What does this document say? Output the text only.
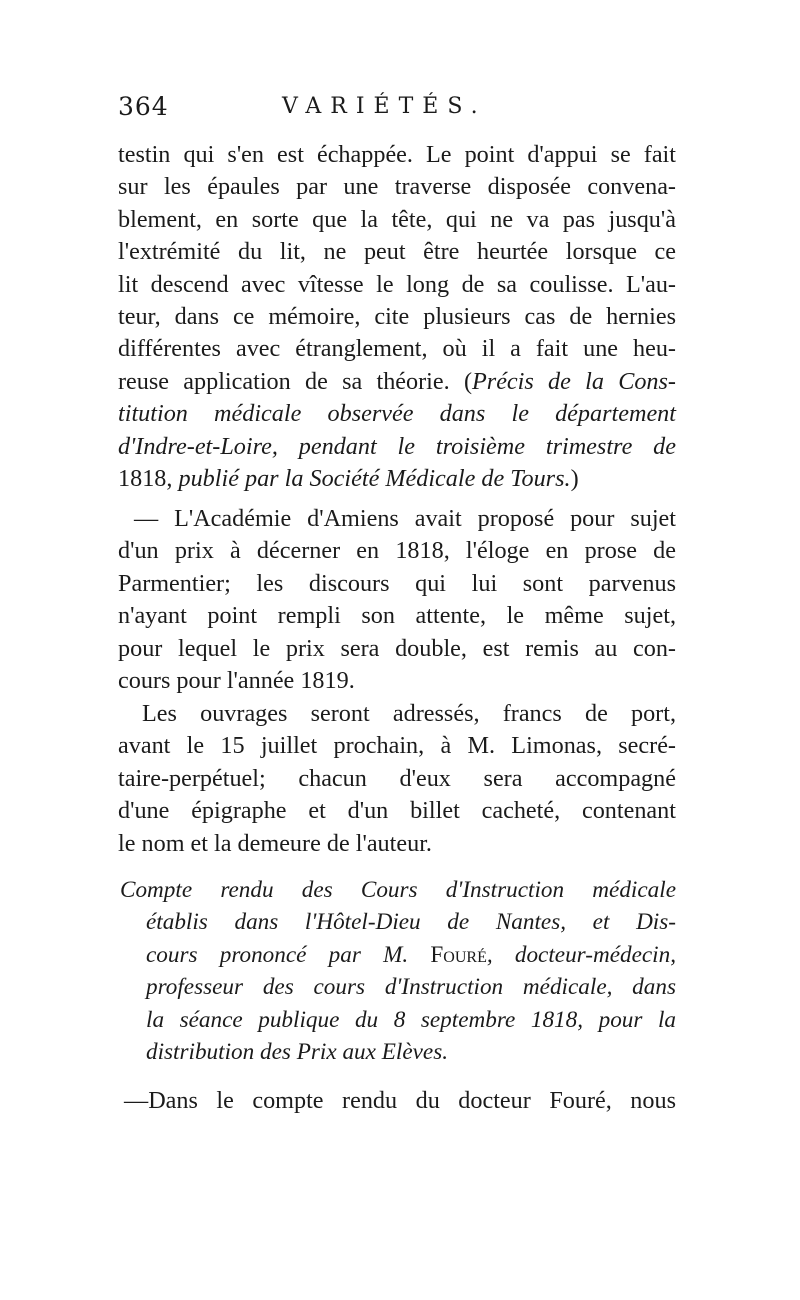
364	VARIÉTÉS.
testin qui s'en est échappée. Le point d'appui se fait
sur les épaules par une traverse disposée convena-
blement, en sorte que la tête, qui ne va pas jusqu'à
l'extrémité du lit, ne peut être heurtée lorsque ce
lit descend avec vîtesse le long de sa coulisse. L'au-
teur, dans ce mémoire, cite plusieurs cas de hernies
différentes avec étranglement, où il a fait une heu-
reuse application de sa théorie. (Précis de la Cons-
titution médicale observée dans le département
d'Indre-et-Loire, pendant le troisième trimestre de
1818, publié par la Société Médicale de Tours.)
— L'Académie d'Amiens avait proposé pour sujet
d'un prix à décerner en 1818, l'éloge en prose de
Parmentier; les discours qui lui sont parvenus
n'ayant point rempli son attente, le même sujet,
pour lequel le prix sera double, est remis au con-
cours pour l'année 1819.
Les ouvrages seront adressés, francs de port,
avant le 15 juillet prochain, à M. Limonas, secré-
taire-perpétuel; chacun d'eux sera accompagné
d'une épigraphe et d'un billet cacheté, contenant
le nom et la demeure de l'auteur.
Compte rendu des Cours d'Instruction médicale
établis dans l'Hôtel-Dieu de Nantes, et Dis-
cours prononcé par M. Fouré, docteur-médecin,
professeur des cours d'Instruction médicale, dans
la séance publique du 8 septembre 1818, pour la
distribution des Prix aux Elèves.
—Dans le compte rendu du docteur Fouré, nous
